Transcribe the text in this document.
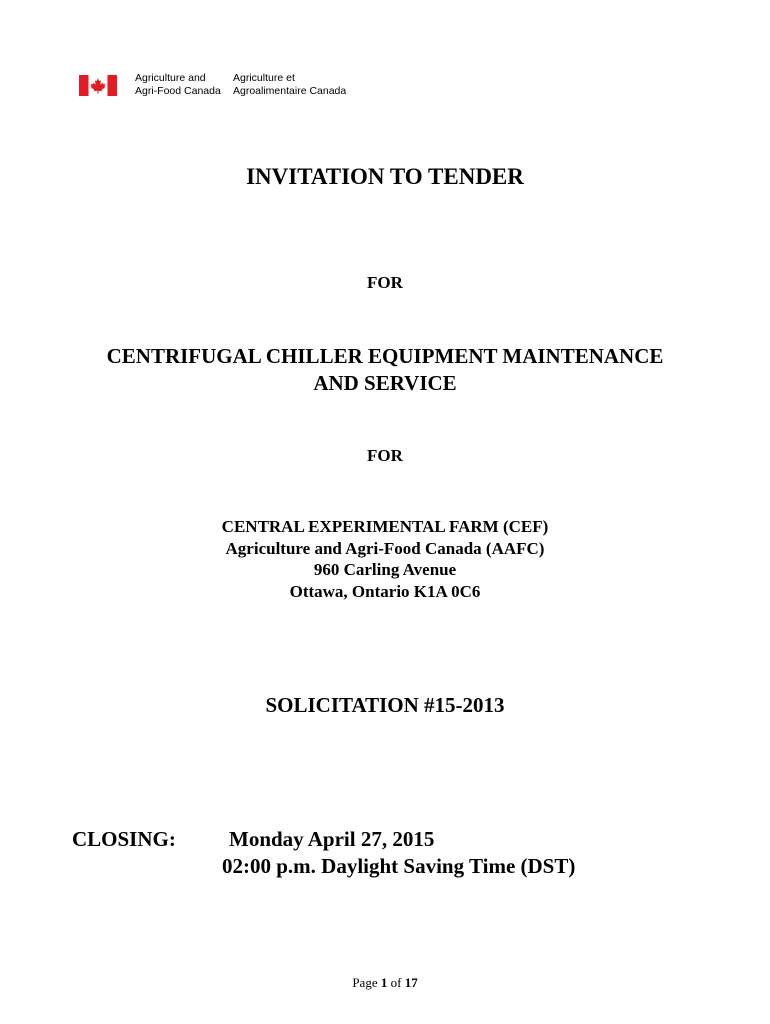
Agriculture and
Agri-Food Canada
Agriculture et
Agroalimentaire Canada
INVITATION TO TENDER
FOR
CENTRIFUGAL CHILLER EQUIPMENT MAINTENANCE
AND SERVICE
FOR
CENTRAL EXPERIMENTAL FARM (CEF)
Agriculture and Agri-Food Canada (AAFC)
960 Carling Avenue
Ottawa, Ontario K1A 0C6
SOLICITATION #15-2013
CLOSING:	Monday April 27, 2015
02:00 p.m. Daylight Saving Time (DST)
Page 1 of 17
